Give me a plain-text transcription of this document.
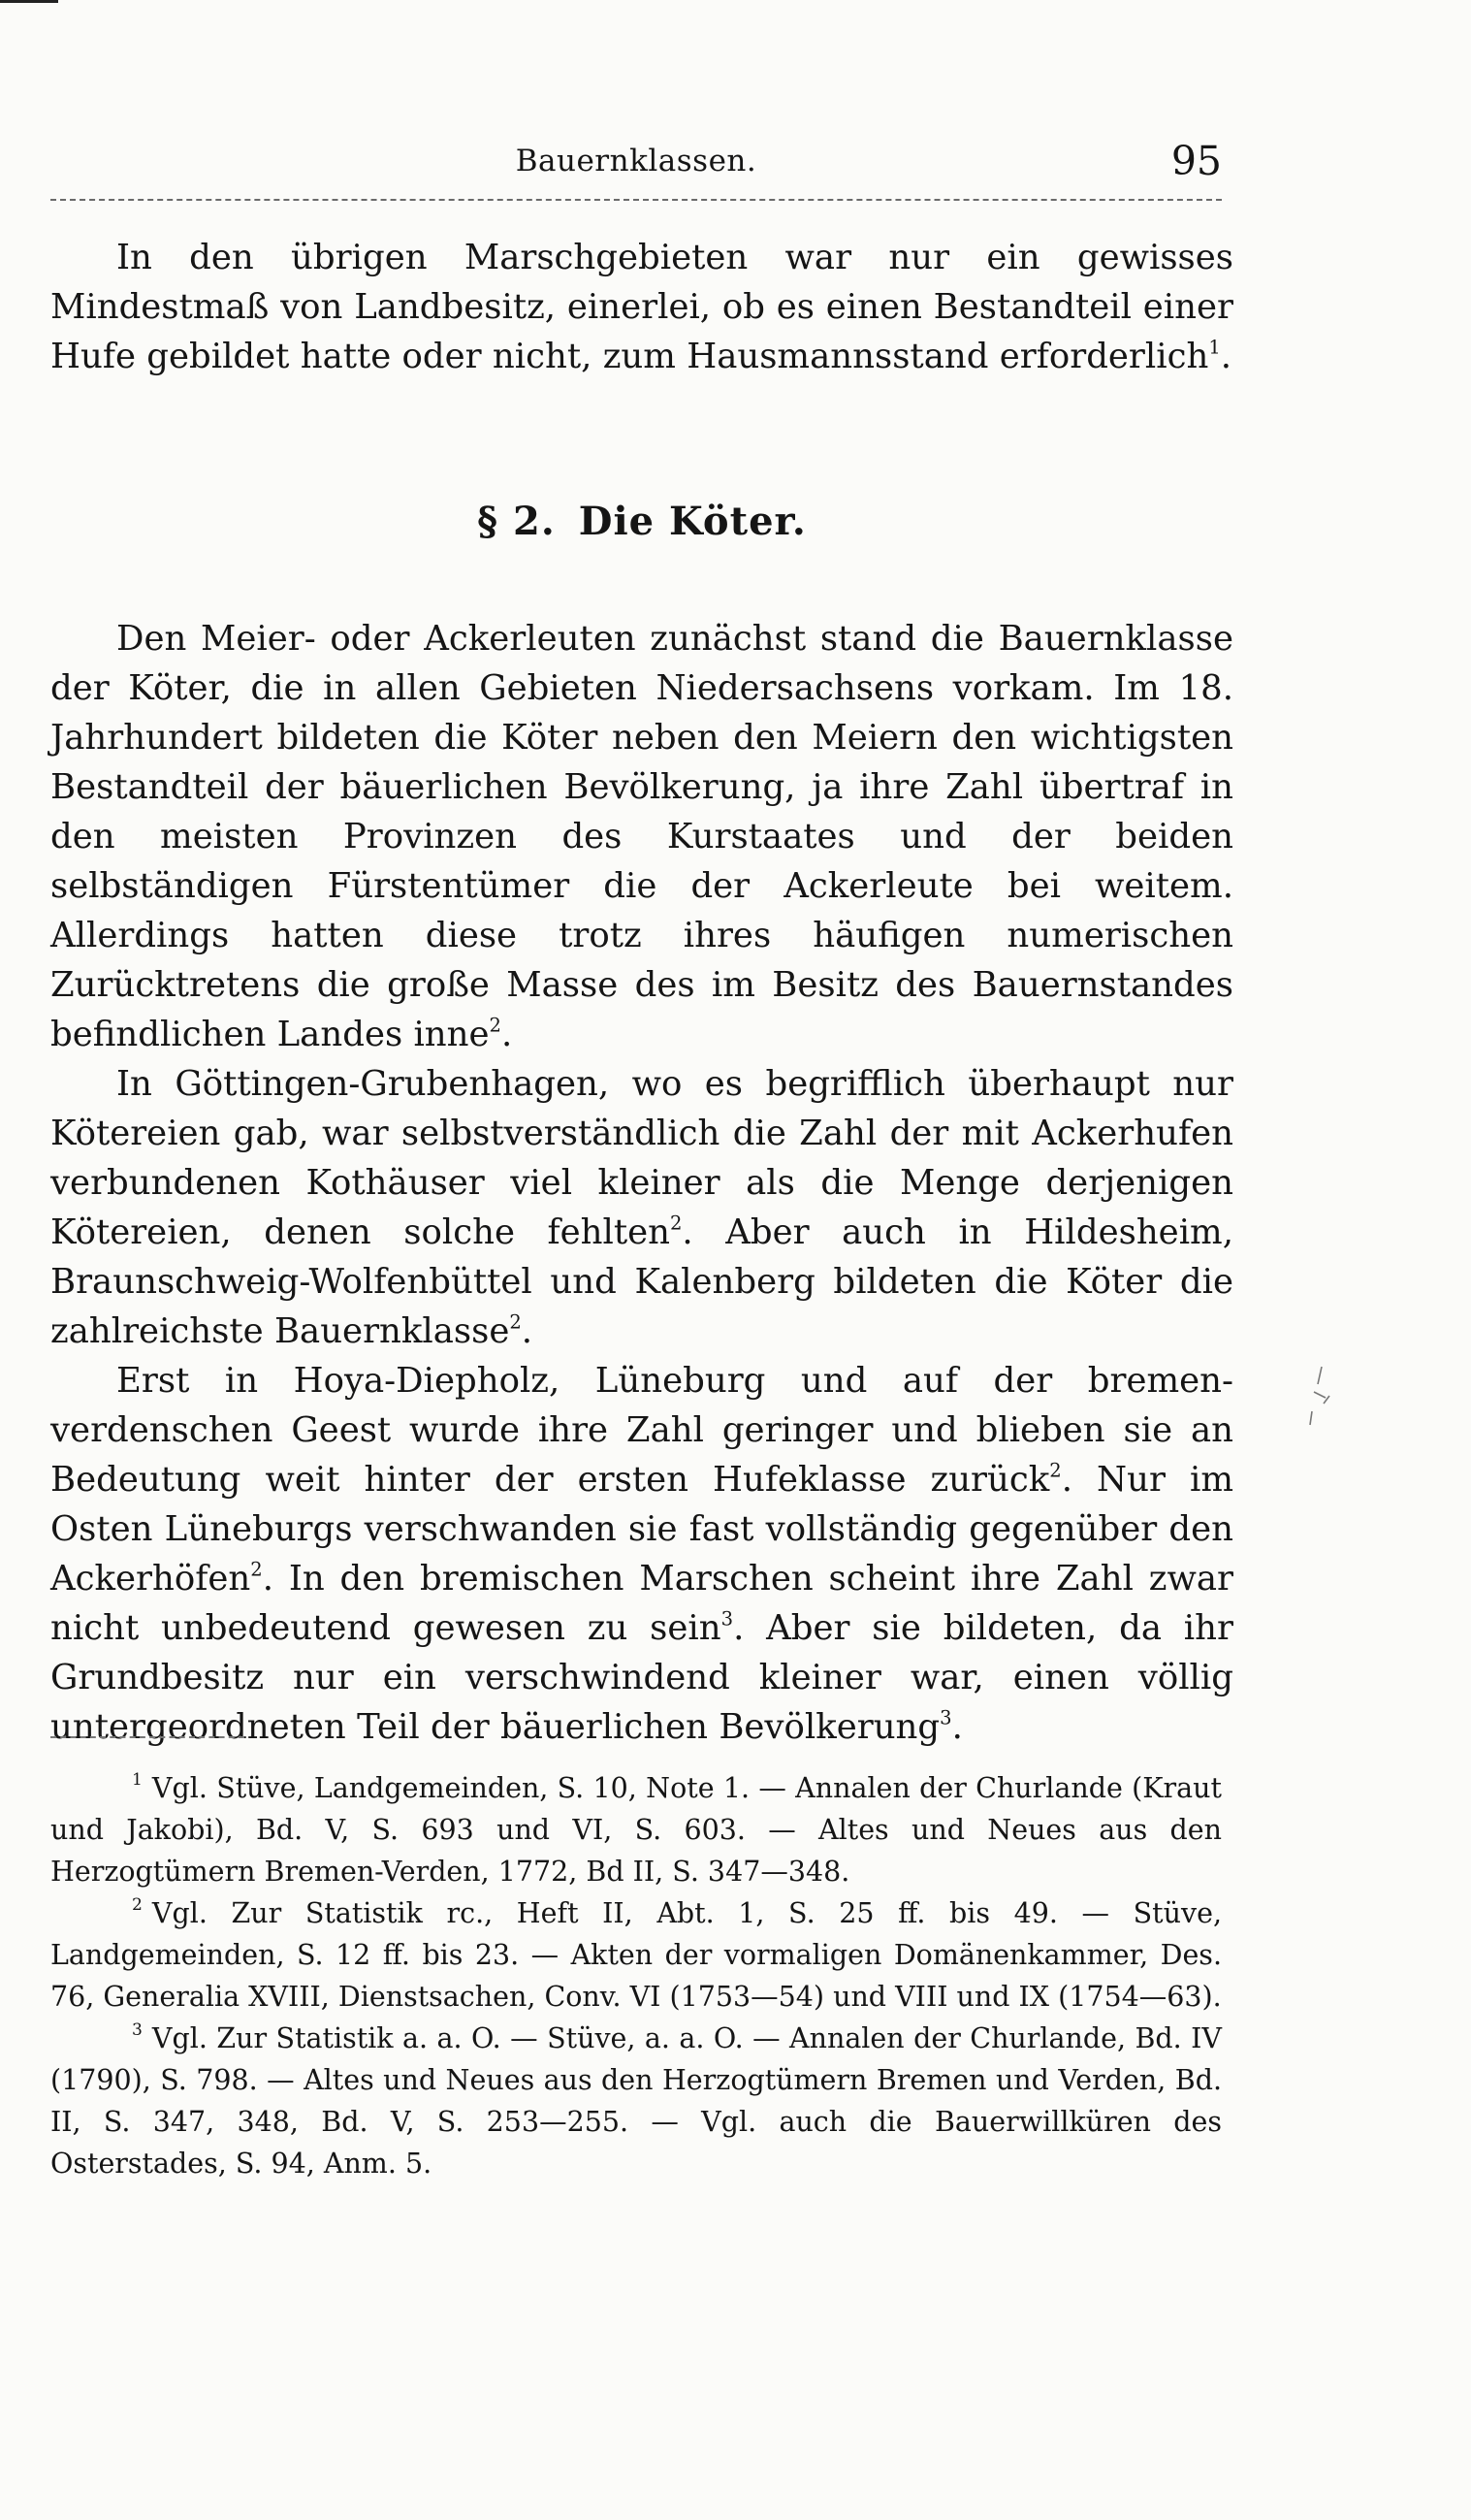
Bauernklassen.	95

In den übrigen Marschgebieten war nur ein gewisses Mindestmaß von Landbesitz, einerlei, ob es einen Bestandteil einer Hufe gebildet hatte oder nicht, zum Hausmannsstand erforderlich$^1$.

§ 2. Die Köter.

Den Meier- oder Ackerleuten zunächst stand die Bauernklasse der Köter, die in allen Gebieten Niedersachsens vorkam. Im 18. Jahrhundert bildeten die Köter neben den Meiern den wichtigsten Bestandteil der bäuerlichen Bevölkerung, ja ihre Zahl übertraf in den meisten Provinzen des Kurstaates und der beiden selbständigen Fürstentümer die der Ackerleute bei weitem. Allerdings hatten diese trotz ihres häufigen numerischen Zurücktretens die große Masse des im Besitz des Bauernstandes befindlichen Landes inne$^2$.

In Göttingen-Grubenhagen, wo es begrifflich überhaupt nur Kötereien gab, war selbstverständlich die Zahl der mit Ackerhufen verbundenen Kothäuser viel kleiner als die Menge derjenigen Kötereien, denen solche fehlten$^2$. Aber auch in Hildesheim, Braunschweig-Wolfenbüttel und Kalenberg bildeten die Köter die zahlreichste Bauernklasse$^2$.

Erst in Hoya-Diepholz, Lüneburg und auf der bremen-verdenschen Geest wurde ihre Zahl geringer und blieben sie an Bedeutung weit hinter der ersten Hufeklasse zurück$^2$. Nur im Osten Lüneburgs verschwanden sie fast vollständig gegenüber den Ackerhöfen$^2$. In den bremischen Marschen scheint ihre Zahl zwar nicht unbedeutend gewesen zu sein$^3$. Aber sie bildeten, da ihr Grundbesitz nur ein verschwindend kleiner war, einen völlig untergeordneten Teil der bäuerlichen Bevölkerung$^3$.

$^1$ Vgl. Stüve, Landgemeinden, S. 10, Note 1. — Annalen der Churlande (Kraut und Jakobi), Bd. V, S. 693 und VI, S. 603. — Altes und Neues aus den Herzogtümern Bremen-Verden, 1772, Bd II, S. 347—348.

$^2$ Vgl. Zur Statistik rc., Heft II, Abt. 1, S. 25 ff. bis 49. — Stüve, Landgemeinden, S. 12 ff. bis 23. — Akten der vormaligen Domänenkammer, Des. 76, Generalia XVIII, Dienstsachen, Conv. VI (1753—54) und VIII und IX (1754—63).

$^3$ Vgl. Zur Statistik a. a. O. — Stüve, a. a. O. — Annalen der Churlande, Bd. IV (1790), S. 798. — Altes und Neues aus den Herzogtümern Bremen und Verden, Bd. II, S. 347, 348, Bd. V, S. 253—255. — Vgl. auch die Bauerwillküren des Osterstades, S. 94, Anm. 5.
